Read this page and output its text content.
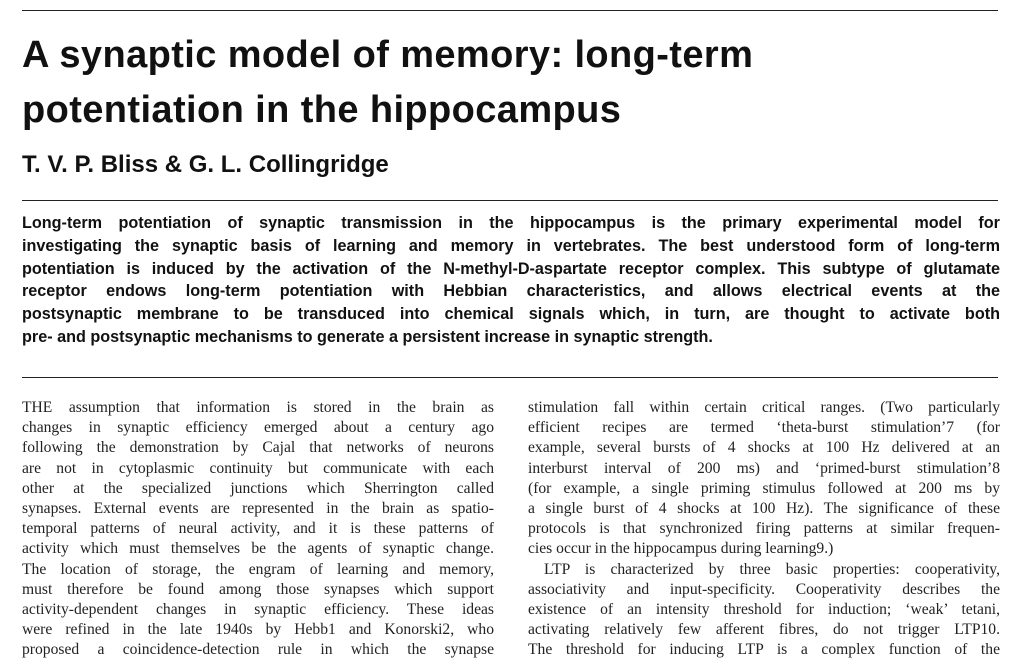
A synaptic model of memory: long-term
potentiation in the hippocampus
T. V. P. Bliss & G. L. Collingridge
Long-term potentiation of synaptic transmission in the hippocampus is the primary experimental model for
investigating the synaptic basis of learning and memory in vertebrates. The best understood form of long-term
potentiation is induced by the activation of the N-methyl-D-aspartate receptor complex. This subtype of glutamate
receptor endows long-term potentiation with Hebbian characteristics, and allows electrical events at the
postsynaptic membrane to be transduced into chemical signals which, in turn, are thought to activate both
pre- and postsynaptic mechanisms to generate a persistent increase in synaptic strength.
THE assumption that information is stored in the brain as
changes in synaptic efficiency emerged about a century ago
following the demonstration by Cajal that networks of neurons
are not in cytoplasmic continuity but communicate with each
other at the specialized junctions which Sherrington called
synapses. External events are represented in the brain as spatio-
temporal patterns of neural activity, and it is these patterns of
activity which must themselves be the agents of synaptic change.
The location of storage, the engram of learning and memory,
must therefore be found among those synapses which support
activity-dependent changes in synaptic efficiency. These ideas
were refined in the late 1940s by Hebb1 and Konorski2, who
proposed a coincidence-detection rule in which the synapse
stimulation fall within certain critical ranges. (Two particularly
efficient recipes are termed ‘theta-burst stimulation’7 (for
example, several bursts of 4 shocks at 100 Hz delivered at an
interburst interval of 200 ms) and ‘primed-burst stimulation’8
(for example, a single priming stimulus followed at 200 ms by
a single burst of 4 shocks at 100 Hz). The significance of these
protocols is that synchronized firing patterns at similar frequen-
cies occur in the hippocampus during learning9.)
LTP is characterized by three basic properties: cooperativity,
associativity and input-specificity. Cooperativity describes the
existence of an intensity threshold for induction; ‘weak’ tetani,
activating relatively few afferent fibres, do not trigger LTP10.
The threshold for inducing LTP is a complex function of the
